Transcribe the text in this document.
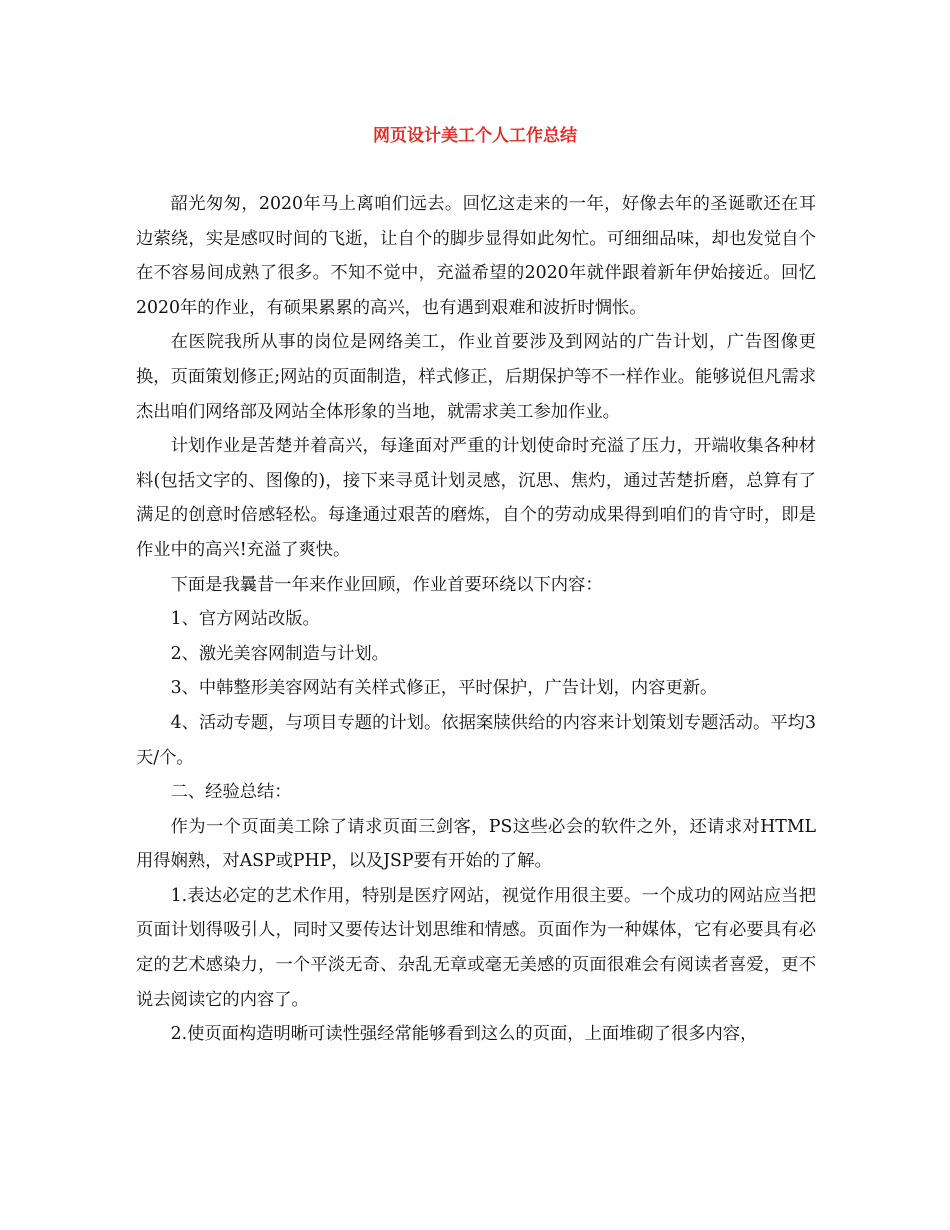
网页设计美工个人工作总结

韶光匆匆，2020年马上离咱们远去。回忆这走来的一年，好像去年的圣诞歌还在耳边萦绕，实是感叹时间的飞逝，让自个的脚步显得如此匆忙。可细细品味，却也发觉自个在不容易间成熟了很多。不知不觉中，充溢希望的2020年就伴跟着新年伊始接近。回忆2020年的作业，有硕果累累的高兴，也有遇到艰难和波折时惆怅。

在医院我所从事的岗位是网络美工，作业首要涉及到网站的广告计划，广告图像更换，页面策划修正;网站的页面制造，样式修正，后期保护等不一样作业。能够说但凡需求杰出咱们网络部及网站全体形象的当地，就需求美工参加作业。

计划作业是苦楚并着高兴，每逢面对严重的计划使命时充溢了压力，开端收集各种材料(包括文字的、图像的)，接下来寻觅计划灵感，沉思、焦灼，通过苦楚折磨，总算有了满足的创意时倍感轻松。每逢通过艰苦的磨炼，自个的劳动成果得到咱们的肯守时，即是作业中的高兴!充溢了爽快。

下面是我曩昔一年来作业回顾，作业首要环绕以下内容：

1、官方网站改版。

2、激光美容网制造与计划。

3、中韩整形美容网站有关样式修正，平时保护，广告计划，内容更新。

4、活动专题，与项目专题的计划。依据案牍供给的内容来计划策划专题活动。平均3天/个。

二、经验总结：

作为一个页面美工除了请求页面三剑客，PS这些必会的软件之外，还请求对HTML用得娴熟，对ASP或PHP，以及JSP要有开始的了解。

1.表达必定的艺术作用，特别是医疗网站，视觉作用很主要。一个成功的网站应当把页面计划得吸引人，同时又要传达计划思维和情感。页面作为一种媒体，它有必要具有必定的艺术感染力，一个平淡无奇、杂乱无章或毫无美感的页面很难会有阅读者喜爱，更不说去阅读它的内容了。

2.使页面构造明晰可读性强经常能够看到这么的页面，上面堆砌了很多内容，
